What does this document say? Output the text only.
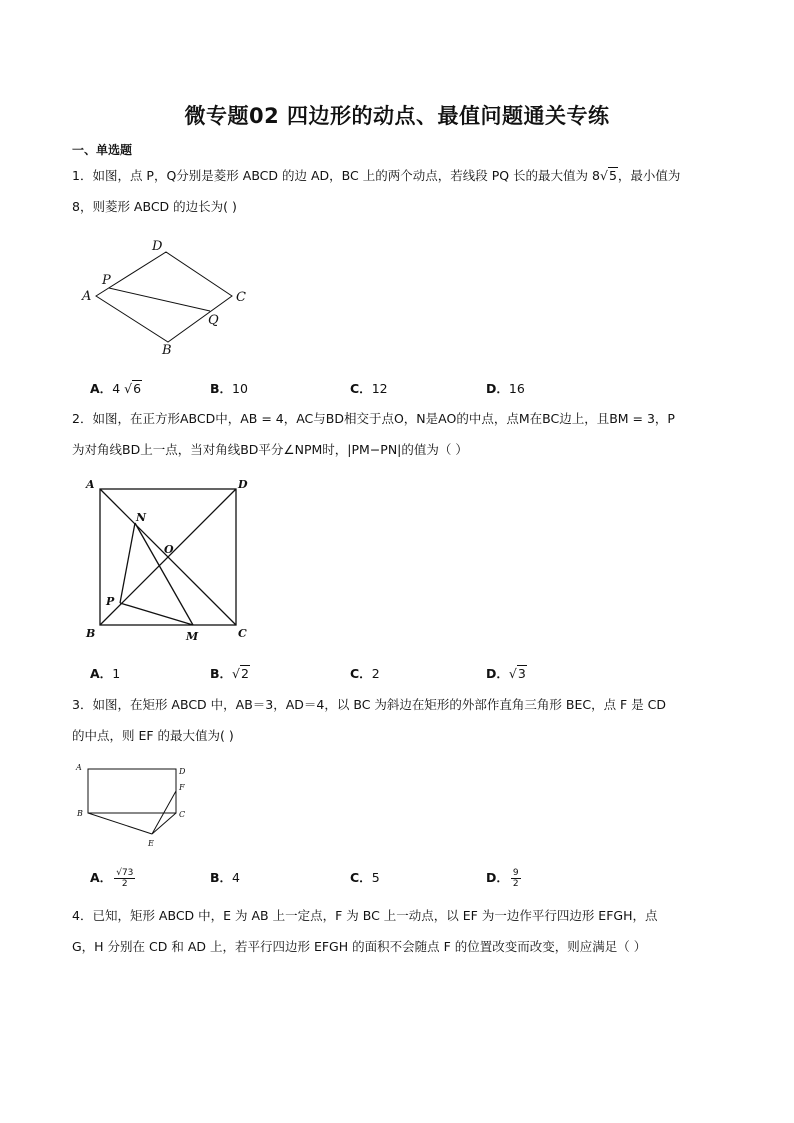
微专题02 四边形的动点、最值问题通关专练
一、单选题
1．如图，点 P，Q分别是菱形 ABCD 的边 AD，BC 上的两个动点，若线段 PQ 长的最大值为 8√5，最小值为
8，则菱形 ABCD 的边长为( )
D
P
A	C
Q
B
A．4 √6	B．10	C．12	D．16
2．如图，在正方形ABCD中，AB = 4，AC与BD相交于点O，N是AO的中点，点M在BC边上，且BM = 3，P
为对角线BD上一点，当对角线BD平分∠NPM时，|PM−PN|的值为（ ）
A	D
N
O
P
B	M	C
A．1	B．√2	C．2	D．√3
3．如图，在矩形 ABCD 中，AB＝3，AD＝4，以 BC 为斜边在矩形的外部作直角三角形 BEC，点 F 是 CD
的中点，则 EF 的最大值为( )
A	D
F
B	C
E
A． $\frac{√73}{2}$	B．4	C．5	D． $\frac{9}{2}$
4．已知，矩形 ABCD 中，E 为 AB 上一定点，F 为 BC 上一动点，以 EF 为一边作平行四边形 EFGH，点
G，H 分别在 CD 和 AD 上，若平行四边形 EFGH 的面积不会随点 F 的位置改变而改变，则应满足（ ）
